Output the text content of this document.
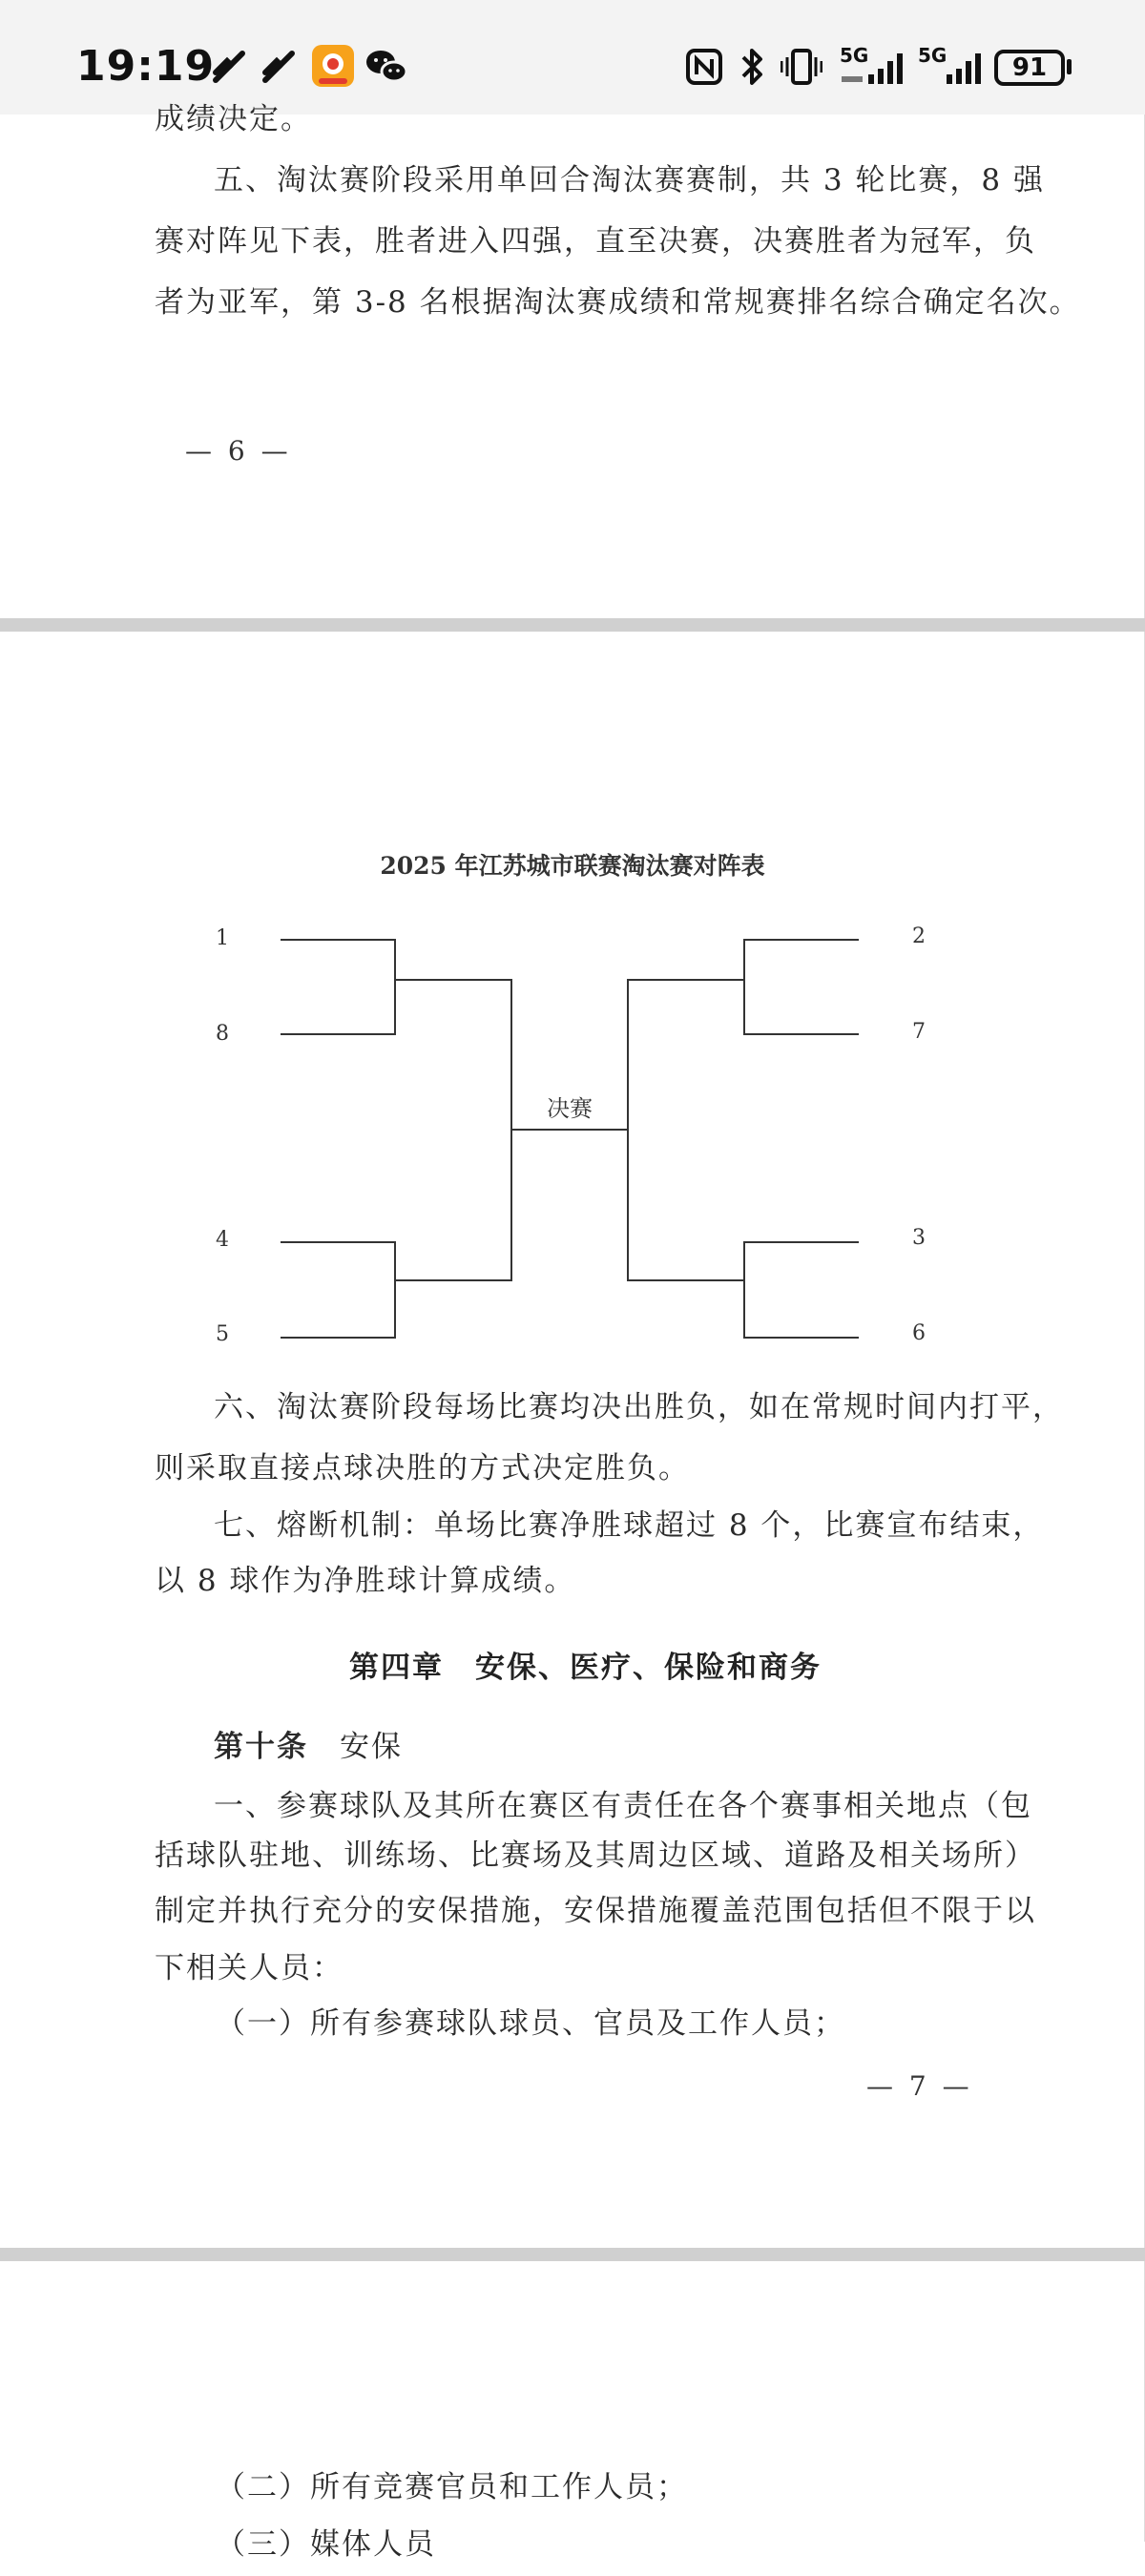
19:19	5G	5G	91
成绩决定。
五、淘汰赛阶段采用单回合淘汰赛赛制，共 3 轮比赛，8 强
赛对阵见下表，胜者进入四强，直至决赛，决赛胜者为冠军，负
者为亚军，第 3-8 名根据淘汰赛成绩和常规赛排名综合确定名次。
— 6 —
2025 年江苏城市联赛淘汰赛对阵表
1
8
4
5
2
7
3
6
决赛
六、淘汰赛阶段每场比赛均决出胜负，如在常规时间内打平，
则采取直接点球决胜的方式决定胜负。
七、熔断机制：单场比赛净胜球超过 8 个，比赛宣布结束，
以 8 球作为净胜球计算成绩。
第四章　安保、医疗、保险和商务
第十条　 安保
一、参赛球队及其所在赛区有责任在各个赛事相关地点（包
括球队驻地、训练场、比赛场及其周边区域、道路及相关场所）
制定并执行充分的安保措施，安保措施覆盖范围包括但不限于以
下相关人员：
（一）所有参赛球队球员、官员及工作人员；
— 7 —
（二）所有竞赛官员和工作人员；
（三）媒体人员
